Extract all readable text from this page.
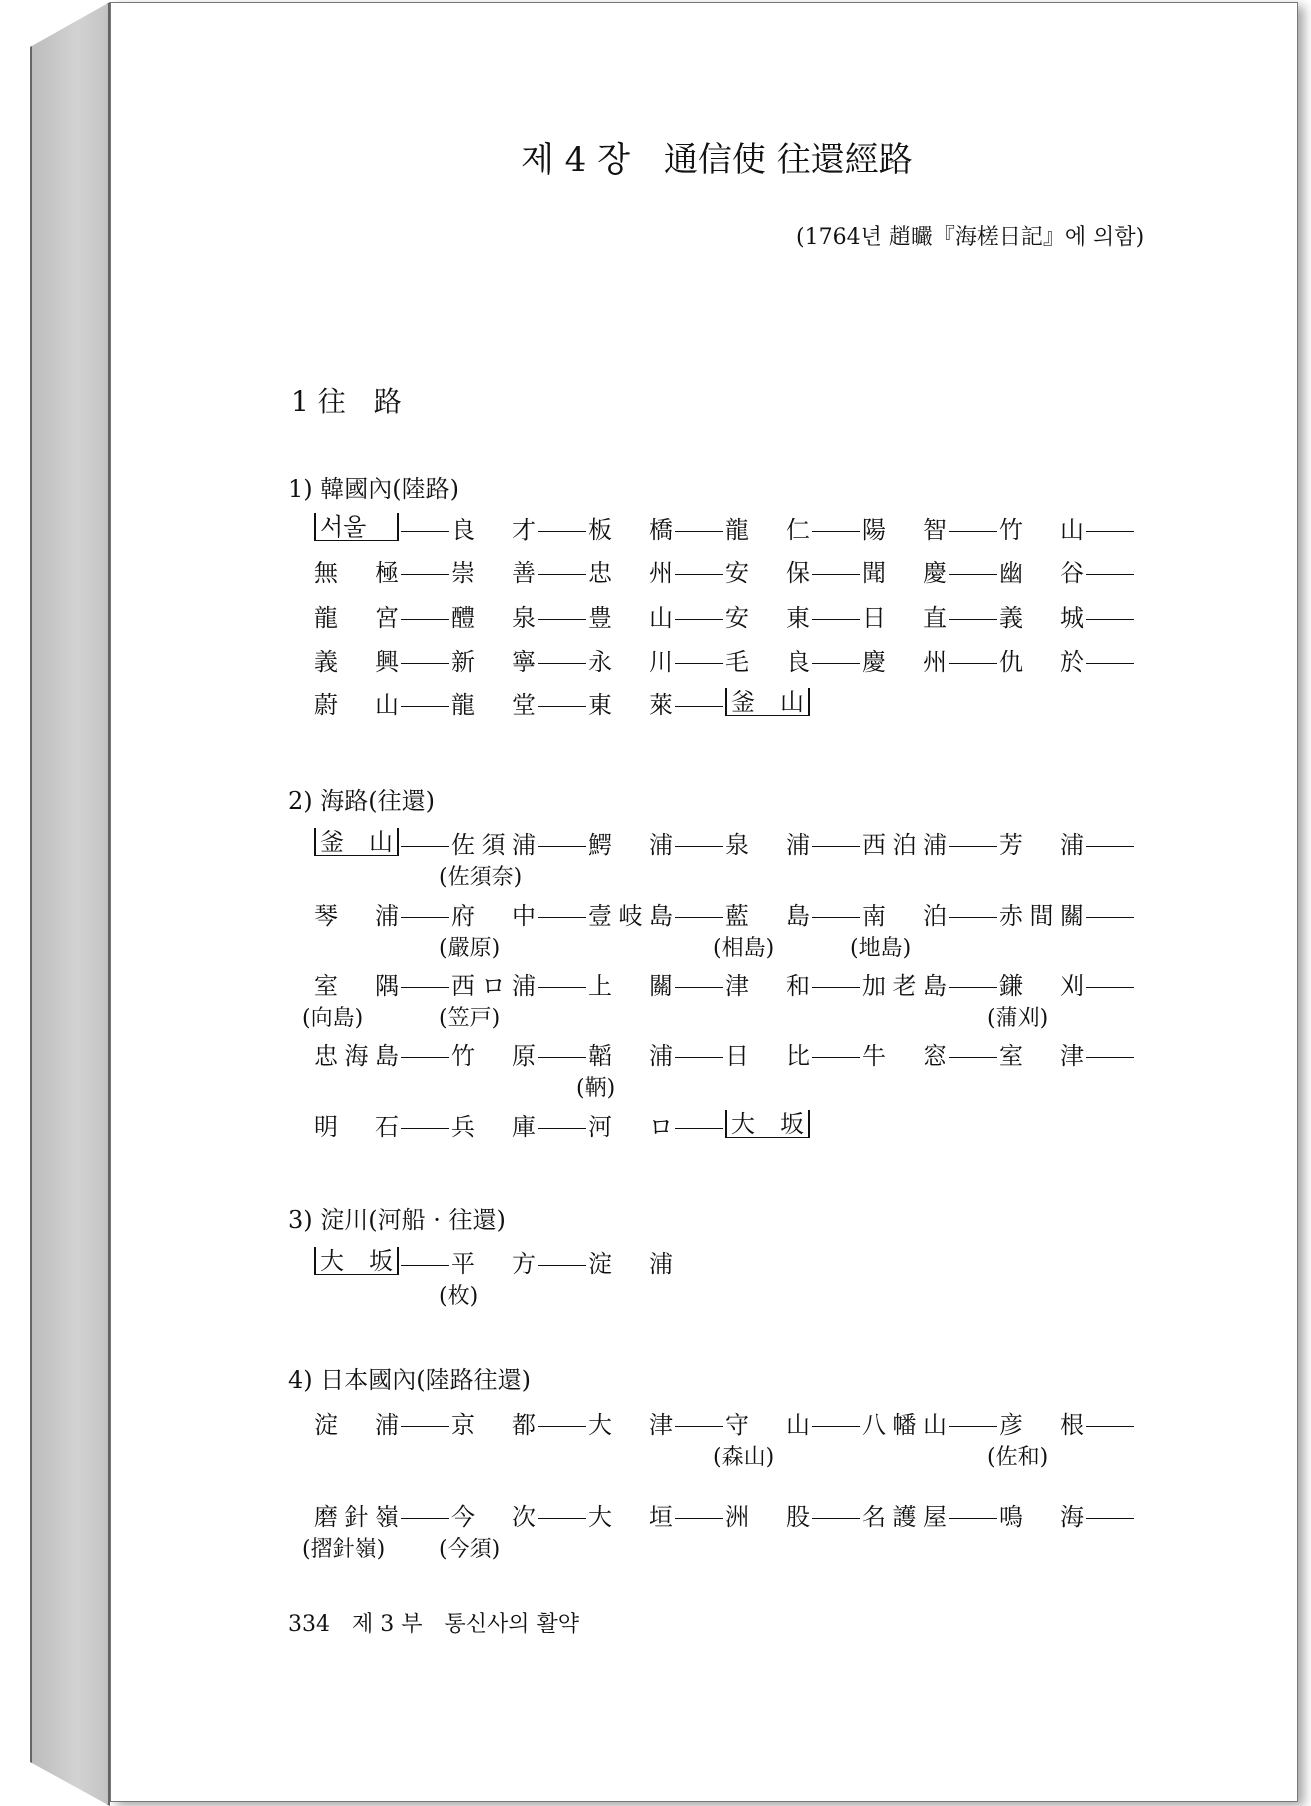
제 4 장　通信使 往還經路
(1764년 趙曮『海槎日記』에 의함)
1 往　路
1) 韓國內(陸路)
2) 海路(往還)
3) 淀川(河船 · 往還)
4) 日本國內(陸路往還)
서울	良才 板橋 龍仁 陽智 竹山
無極 崇善 忠州 安保 聞慶 幽谷
龍宮 醴泉 豊山 安東 日直 義城
義興 新寧 永川 毛良 慶州 仇於
蔚山 龍堂 東萊 釜山
釜山 佐須浦
(佐須奈)
鰐浦 泉浦 西泊浦 芳浦
琴浦 府中
(嚴原)
壹岐島 藍島
(相島)
南泊
(地島)
赤間關
室隅
(向島)
西ロ浦
(笠戸)
上關 津和 加老島 鎌刈
(蒲刈)
忠海島 竹原 韜浦
(鞆)
日比 牛窓 室津
明石 兵庫 河ロ 大坂
大坂 平方
(枚)
淀浦
淀浦 京都 大津 守山
(森山)
八幡山 彦根
(佐和)
磨針嶺
(摺針嶺)
今次
(今須)
大垣 洲股 名護屋 鳴海
334　제 3 부　통신사의 활약
